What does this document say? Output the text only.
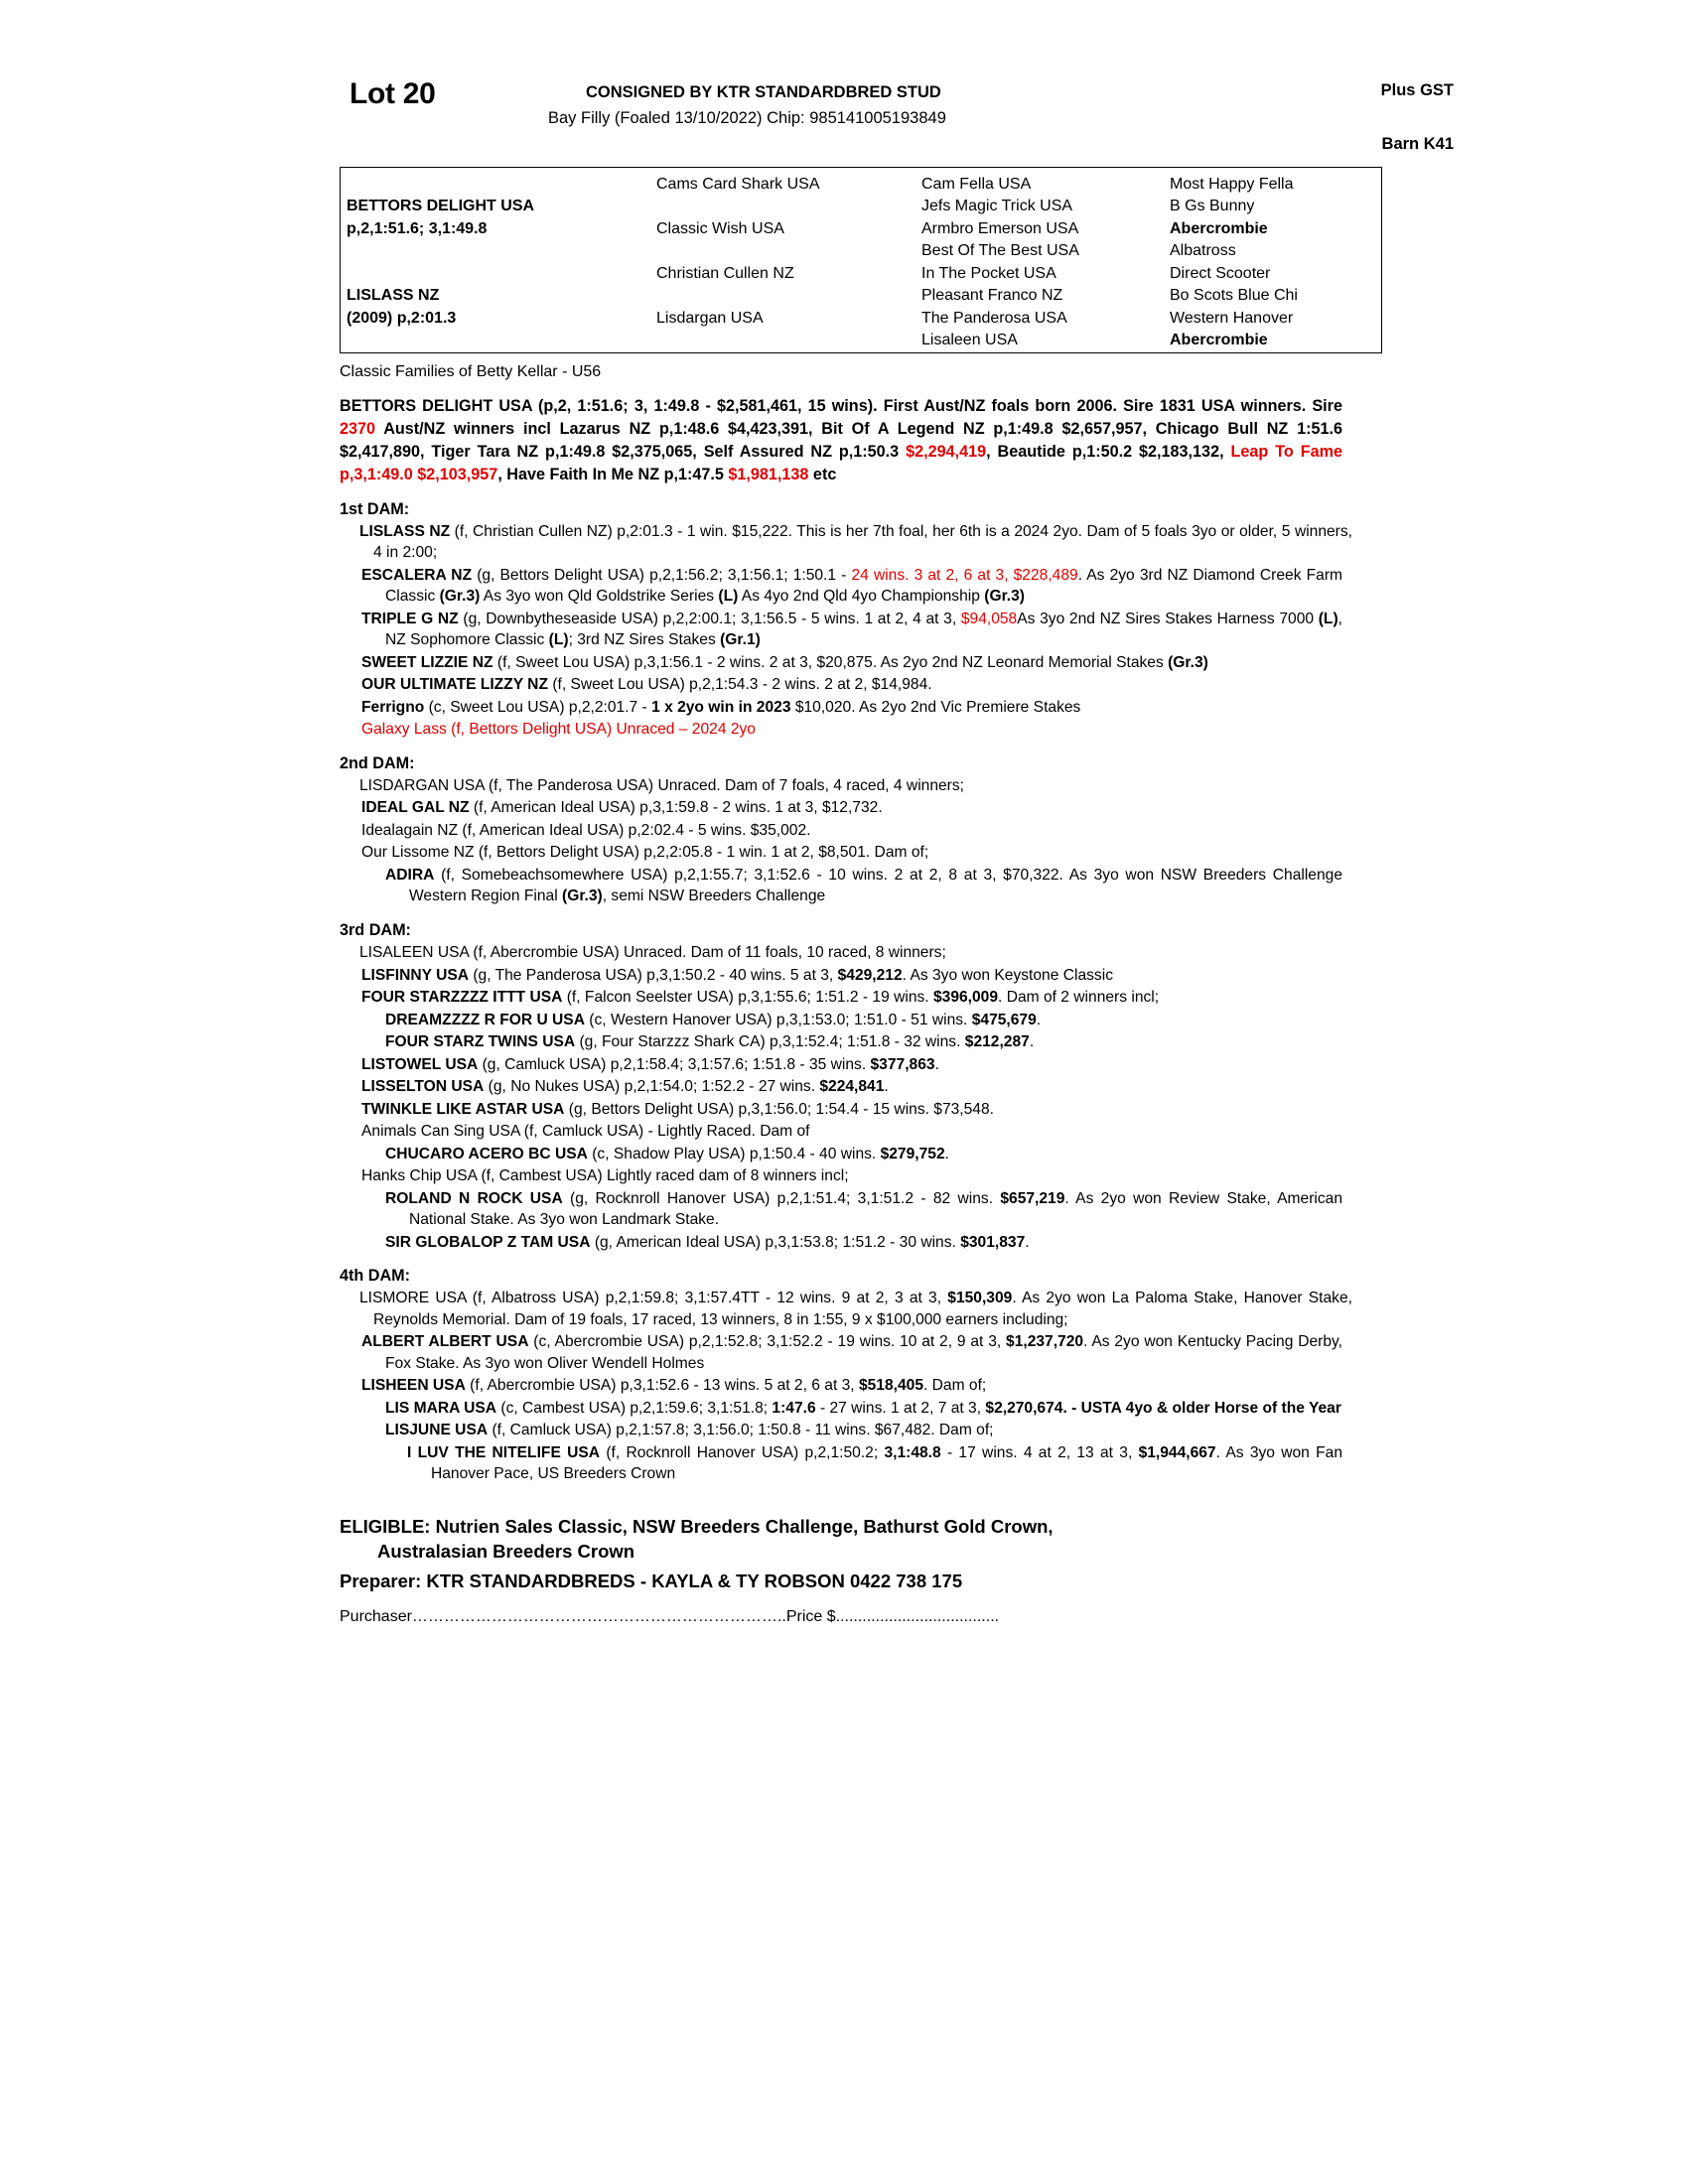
Lot 20	CONSIGNED BY KTR STANDARDBRED STUD
Bay Filly (Foaled 13/10/2022) Chip: 985141005193849
Plus GST
Barn K41
	Cams Card Shark USA	Cam Fella USA	Most Happy Fella
BETTORS DELIGHT USA		Jefs Magic Trick USA	B Gs Bunny
p,2,1:51.6; 3,1:49.8	Classic Wish USA	Armbro Emerson USA	Abercrombie
		Best Of The Best USA	Albatross
	Christian Cullen NZ	In The Pocket USA	Direct Scooter
LISLASS NZ		Pleasant Franco NZ	Bo Scots Blue Chi
(2009) p,2:01.3	Lisdargan USA	The Panderosa USA	Western Hanover
		Lisaleen USA	Abercrombie
Classic Families of Betty Kellar - U56
BETTORS DELIGHT USA (p,2, 1:51.6; 3, 1:49.8 - $2,581,461, 15 wins). First Aust/NZ foals born 2006. Sire 1831 USA winners. Sire 2370 Aust/NZ winners incl Lazarus NZ p,1:48.6 $4,423,391, Bit Of A Legend NZ p,1:49.8 $2,657,957, Chicago Bull NZ 1:51.6 $2,417,890, Tiger Tara NZ p,1:49.8 $2,375,065, Self Assured NZ p,1:50.3 $2,294,419, Beautide p,1:50.2 $2,183,132, Leap To Fame p,3,1:49.0 $2,103,957, Have Faith In Me NZ p,1:47.5 $1,981,138 etc
1st DAM:
LISLASS NZ (f, Christian Cullen NZ) p,2:01.3 - 1 win. $15,222. This is her 7th foal, her 6th is a 2024 2yo. Dam of 5 foals 3yo or older, 5 winners, 4 in 2:00;
ESCALERA NZ (g, Bettors Delight USA) p,2,1:56.2; 3,1:56.1; 1:50.1 - 24 wins. 3 at 2, 6 at 3, $228,489. As 2yo 3rd NZ Diamond Creek Farm Classic (Gr.3) As 3yo won Qld Goldstrike Series (L) As 4yo 2nd Qld 4yo Championship (Gr.3)
TRIPLE G NZ (g, Downbytheseaside USA) p,2,2:00.1; 3,1:56.5 - 5 wins. 1 at 2, 4 at 3, $94,058As 3yo 2nd NZ Sires Stakes Harness 7000 (L), NZ Sophomore Classic (L); 3rd NZ Sires Stakes (Gr.1)
SWEET LIZZIE NZ (f, Sweet Lou USA) p,3,1:56.1 - 2 wins. 2 at 3, $20,875. As 2yo 2nd NZ Leonard Memorial Stakes (Gr.3)
OUR ULTIMATE LIZZY NZ (f, Sweet Lou USA) p,2,1:54.3 - 2 wins. 2 at 2, $14,984.
Ferrigno (c, Sweet Lou USA) p,2,2:01.7 - 1 x 2yo win in 2023 $10,020. As 2yo 2nd Vic Premiere Stakes
Galaxy Lass (f, Bettors Delight USA) Unraced – 2024 2yo
2nd DAM:
LISDARGAN USA (f, The Panderosa USA) Unraced. Dam of 7 foals, 4 raced, 4 winners;
IDEAL GAL NZ (f, American Ideal USA) p,3,1:59.8 - 2 wins. 1 at 3, $12,732.
Idealagain NZ (f, American Ideal USA) p,2:02.4 - 5 wins. $35,002.
Our Lissome NZ (f, Bettors Delight USA) p,2,2:05.8 - 1 win. 1 at 2, $8,501. Dam of;
ADIRA (f, Somebeachsomewhere USA) p,2,1:55.7; 3,1:52.6 - 10 wins. 2 at 2, 8 at 3, $70,322. As 3yo won NSW Breeders Challenge Western Region Final (Gr.3), semi NSW Breeders Challenge
3rd DAM:
LISALEEN USA (f, Abercrombie USA) Unraced. Dam of 11 foals, 10 raced, 8 winners;
LISFINNY USA (g, The Panderosa USA) p,3,1:50.2 - 40 wins. 5 at 3, $429,212. As 3yo won Keystone Classic
FOUR STARZZZZ ITTT USA (f, Falcon Seelster USA) p,3,1:55.6; 1:51.2 - 19 wins. $396,009. Dam of 2 winners incl;
DREAMZZZZ R FOR U USA (c, Western Hanover USA) p,3,1:53.0; 1:51.0 - 51 wins. $475,679.
FOUR STARZ TWINS USA (g, Four Starzzz Shark CA) p,3,1:52.4; 1:51.8 - 32 wins. $212,287.
LISTOWEL USA (g, Camluck USA) p,2,1:58.4; 3,1:57.6; 1:51.8 - 35 wins. $377,863.
LISSELTON USA (g, No Nukes USA) p,2,1:54.0; 1:52.2 - 27 wins. $224,841.
TWINKLE LIKE ASTAR USA (g, Bettors Delight USA) p,3,1:56.0; 1:54.4 - 15 wins. $73,548.
Animals Can Sing USA (f, Camluck USA) - Lightly Raced. Dam of
CHUCARO ACERO BC USA (c, Shadow Play USA) p,1:50.4 - 40 wins. $279,752.
Hanks Chip USA (f, Cambest USA) Lightly raced dam of 8 winners incl;
ROLAND N ROCK USA (g, Rocknroll Hanover USA) p,2,1:51.4; 3,1:51.2 - 82 wins. $657,219. As 2yo won Review Stake, American National Stake. As 3yo won Landmark Stake.
SIR GLOBALOP Z TAM USA (g, American Ideal USA) p,3,1:53.8; 1:51.2 - 30 wins. $301,837.
4th DAM:
LISMORE USA (f, Albatross USA) p,2,1:59.8; 3,1:57.4TT - 12 wins. 9 at 2, 3 at 3, $150,309. As 2yo won La Paloma Stake, Hanover Stake, Reynolds Memorial. Dam of 19 foals, 17 raced, 13 winners, 8 in 1:55, 9 x $100,000 earners including;
ALBERT ALBERT USA (c, Abercrombie USA) p,2,1:52.8; 3,1:52.2 - 19 wins. 10 at 2, 9 at 3, $1,237,720. As 2yo won Kentucky Pacing Derby, Fox Stake. As 3yo won Oliver Wendell Holmes
LISHEEN USA (f, Abercrombie USA) p,3,1:52.6 - 13 wins. 5 at 2, 6 at 3, $518,405. Dam of;
LIS MARA USA (c, Cambest USA) p,2,1:59.6; 3,1:51.8; 1:47.6 - 27 wins. 1 at 2, 7 at 3, $2,270,674. - USTA 4yo & older Horse of the Year
LISJUNE USA (f, Camluck USA) p,2,1:57.8; 3,1:56.0; 1:50.8 - 11 wins. $67,482. Dam of;
I LUV THE NITELIFE USA (f, Rocknroll Hanover USA) p,2,1:50.2; 3,1:48.8 - 17 wins. 4 at 2, 13 at 3, $1,944,667. As 3yo won Fan Hanover Pace, US Breeders Crown
ELIGIBLE: Nutrien Sales Classic, NSW Breeders Challenge, Bathurst Gold Crown,
Australasian Breeders Crown
Preparer: KTR STANDARDBREDS - KAYLA & TY ROBSON 0422 738 175
Purchaser……………………………………………………………..Price $.....................................
